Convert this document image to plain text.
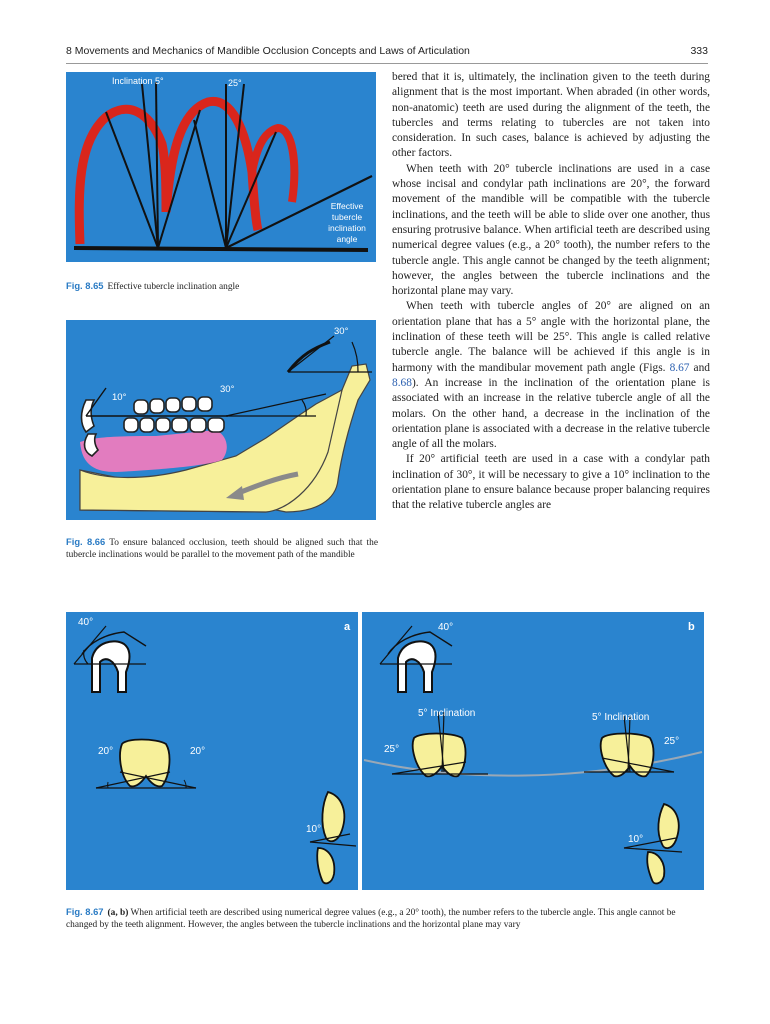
8 Movements and Mechanics of Mandible Occlusion Concepts and Laws of Articulation	333
Inclination 5°	25°
Effective
tubercle
inclination
angle
Fig. 8.65 Effective tubercle inclination angle
30°
30°
10°
Fig. 8.66 To ensure balanced occlusion, teeth should be aligned such that the tubercle inclinations would be parallel to the movement path of the mandible

bered that it is, ultimately, the inclination given to the teeth during alignment that is the most important. When abraded (in other words, non-anatomic) teeth are used during the alignment of the teeth, the tubercles and terms relating to tubercles are not taken into consideration. In such cases, balance is achieved by adjusting the other factors.

When teeth with 20° tubercle inclinations are used in a case whose incisal and condylar path inclinations are 20°, the forward movement of the mandible will be compatible with the tubercle inclinations, and the teeth will be able to slide over one another, thus ensuring protrusive balance. When artificial teeth are described using numerical degree values (e.g., a 20° tooth), the number refers to the tubercle angle. This angle cannot be changed by the teeth alignment; however, the angles between the tubercle inclinations and the horizontal plane may vary.

When teeth with tubercle angles of 20° are aligned on an orientation plane that has a 5° angle with the horizontal plane, the inclination of these teeth will be 25°. This angle is called relative tubercle angle. The balance will be achieved if this angle is in harmony with the mandibular movement path angle (Figs. 8.67 and 8.68). An increase in the inclination of the orientation plane is associated with an increase in the relative tubercle angle of all the molars. On the other hand, a decrease in the inclination of the orientation plane is associated with a decrease in the relative tubercle angle of all the molars.

If 20° artificial teeth are used in a case with a condylar path inclination of 30°, it will be necessary to give a 10° inclination to the orientation plane to ensure balance because proper balancing requires that the relative tubercle angles are

40°	a
20°	20°
10°
40°	b
5° Inclination	5° Inclination
25°
25°
10°
Fig. 8.67 (a, b) When artificial teeth are described using numerical degree values (e.g., a 20° tooth), the number refers to the tubercle angle. This angle cannot be changed by the teeth alignment. However, the angles between the tubercle inclinations and the horizontal plane may vary
